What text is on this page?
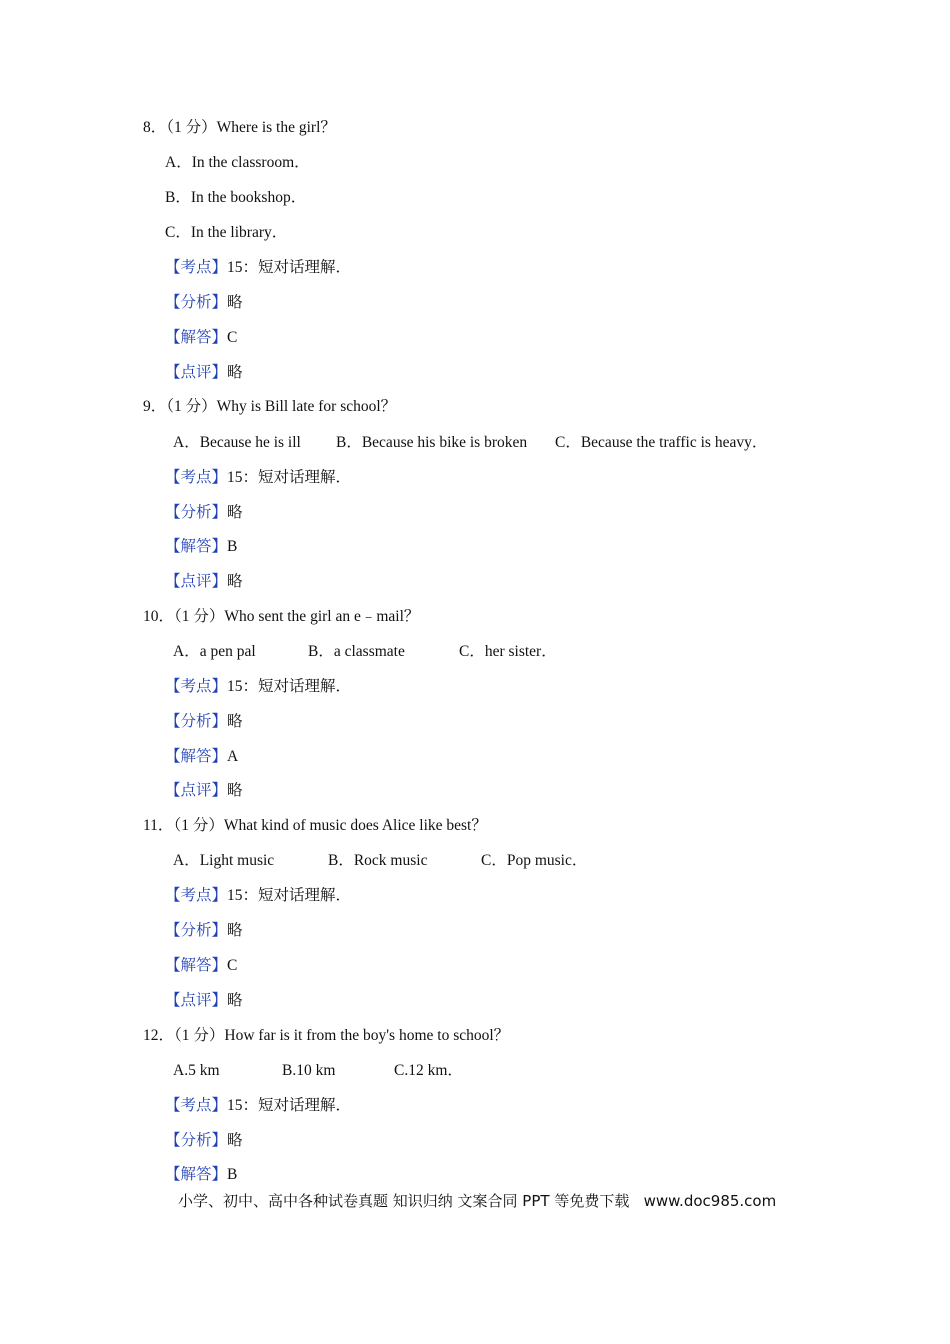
8．（1 分）Where is the girl？
A．In the classroom．
B．In the bookshop．
C．In the library．
【考点】15：短对话理解．
【分析】略
【解答】C
【点评】略
9．（1 分）Why is Bill late for school？
A．Because he is ill B．Because his bike is broken C．Because the traffic is heavy．
【考点】15：短对话理解．
【分析】略
【解答】B
【点评】略
10．（1 分）Who sent the girl an e﹣mail？
A．a pen pal	B．a classmate	C．her sister．
【考点】15：短对话理解．
【分析】略
【解答】A
【点评】略
11．（1 分）What kind of music does Alice like best？
A．Light music	B．Rock music	C．Pop music．
【考点】15：短对话理解．
【分析】略
【解答】C
【点评】略
12．（1 分）How far is it from the boy's home to school？
A.5 km	B.10 km	C.12 km．
【考点】15：短对话理解．
【分析】略
【解答】B
小学、初中、高中各种试卷真题 知识归纳 文案合同 PPT 等免费下载   www.doc985.com
